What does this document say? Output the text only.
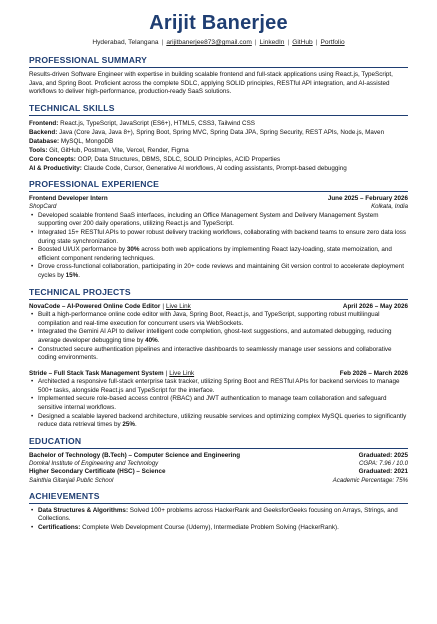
Arijit Banerjee
Hyderabad, Telangana | arijitbanerjee873@gmail.com | LinkedIn | GitHub | Portfolio
PROFESSIONAL SUMMARY
Results-driven Software Engineer with expertise in building scalable frontend and full-stack applications using React.js, TypeScript, Java, and Spring Boot. Proficient across the complete SDLC, applying SOLID principles, RESTful API integration, and AI-assisted workflows to deliver high-performance, production-ready SaaS solutions.
TECHNICAL SKILLS
Frontend: React.js, TypeScript, JavaScript (ES6+), HTML5, CSS3, Tailwind CSS
Backend: Java (Core Java, Java 8+), Spring Boot, Spring MVC, Spring Data JPA, Spring Security, REST APIs, Node.js, Maven
Database: MySQL, MongoDB
Tools: Git, GitHub, Postman, Vite, Vercel, Render, Figma
Core Concepts: OOP, Data Structures, DBMS, SDLC, SOLID Principles, ACID Properties
AI & Productivity: Claude Code, Cursor, Generative AI workflows, AI coding assistants, Prompt-based debugging
PROFESSIONAL EXPERIENCE
Frontend Developer Intern	June 2025 – February 2026
ShopCard	Kolkata, India
• Developed scalable frontend SaaS interfaces, including an Office Management System and Delivery Management System supporting over 200 daily operations, utilizing React.js and TypeScript.
• Integrated 15+ RESTful APIs to power robust delivery tracking workflows, collaborating with backend teams to ensure zero data loss during state synchronization.
• Boosted UI/UX performance by 30% across both web applications by implementing React lazy-loading, state memoization, and efficient component rendering techniques.
• Drove cross-functional collaboration, participating in 20+ code reviews and maintaining Git version control to accelerate deployment cycles by 15%.
TECHNICAL PROJECTS
NovaCode – AI-Powered Online Code Editor | Live Link	April 2026 – May 2026
• Built a high-performance online code editor with Java, Spring Boot, React.js, and TypeScript, supporting robust multilingual compilation and real-time execution for concurrent users via WebSockets.
• Integrated the Gemini AI API to deliver intelligent code completion, ghost-text suggestions, and automated debugging, reducing average developer debugging time by 40%.
• Constructed secure authentication pipelines and interactive dashboards to seamlessly manage user sessions and collaborative coding environments.
Stride – Full Stack Task Management System | Live Link	Feb 2026 – March 2026
• Architected a responsive full-stack enterprise task tracker, utilizing Spring Boot and RESTful APIs for backend services to manage 500+ tasks, alongside React.js and TypeScript for the interface.
• Implemented secure role-based access control (RBAC) and JWT authentication to manage team collaboration and safeguard sensitive internal workflows.
• Designed a scalable layered backend architecture, utilizing reusable services and optimizing complex MySQL queries to significantly reduce data retrieval times by 25%.
EDUCATION
Bachelor of Technology (B.Tech) – Computer Science and Engineering	Graduated: 2025
Domkal Institute of Engineering and Technology	CGPA: 7.96 / 10.0
Higher Secondary Certificate (HSC) – Science	Graduated: 2021
Sainthia Gitanjali Public School	Academic Percentage: 75%
ACHIEVEMENTS
• Data Structures & Algorithms: Solved 100+ problems across HackerRank and GeeksforGeeks focusing on Arrays, Strings, and Collections.
• Certifications: Complete Web Development Course (Udemy), Intermediate Problem Solving (HackerRank).
